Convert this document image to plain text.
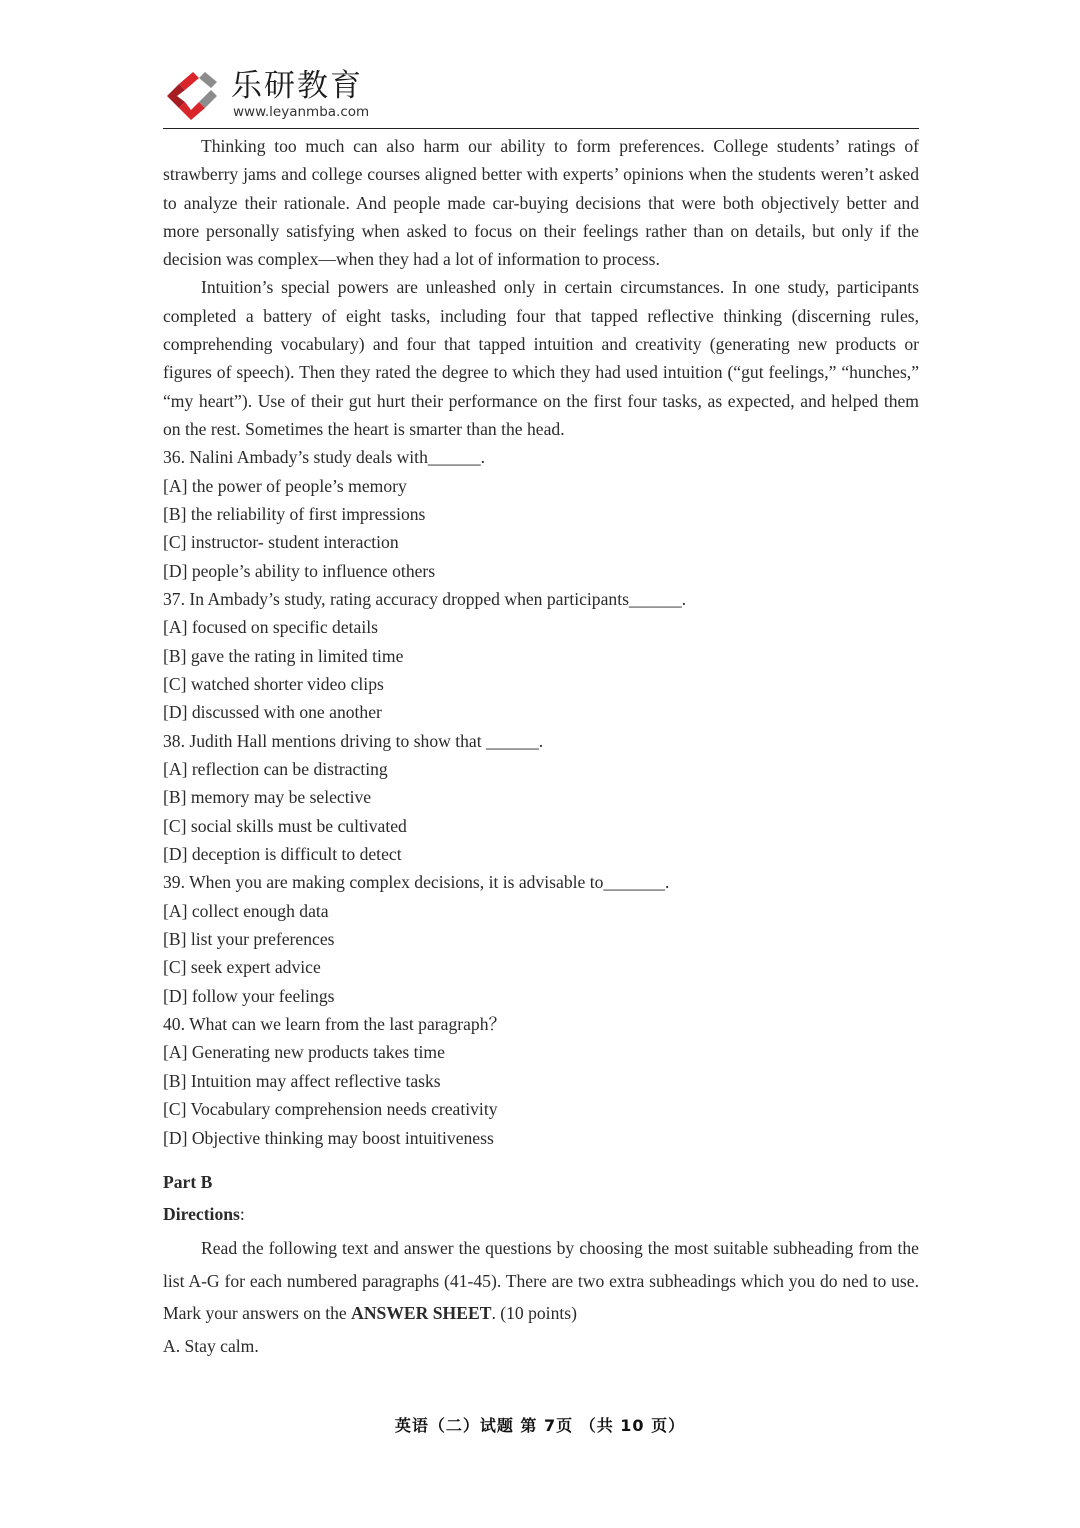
乐研教育
www.leyanmba.com

Thinking too much can also harm our ability to form preferences. College students’ ratings of strawberry jams and college courses aligned better with experts’ opinions when the students weren’t asked to analyze their rationale. And people made car-buying decisions that were both objectively better and more personally satisfying when asked to focus on their feelings rather than on details, but only if the decision was complex—when they had a lot of information to process.

Intuition’s special powers are unleashed only in certain circumstances. In one study, participants completed a battery of eight tasks, including four that tapped reflective thinking (discerning rules, comprehending vocabulary) and four that tapped intuition and creativity (generating new products or figures of speech). Then they rated the degree to which they had used intuition (“gut feelings,” “hunches,” “my heart”). Use of their gut hurt their performance on the first four tasks, as expected, and helped them on the rest. Sometimes the heart is smarter than the head.

36. Nalini Ambady’s study deals with______.

[A] the power of people’s memory

[B] the reliability of first impressions

[C] instructor- student interaction

[D] people’s ability to influence others

37. In Ambady’s study, rating accuracy dropped when participants______.

[A] focused on specific details

[B] gave the rating in limited time

[C] watched shorter video clips

[D] discussed with one another

38. Judith Hall mentions driving to show that ______.

[A] reflection can be distracting

[B] memory may be selective

[C] social skills must be cultivated

[D] deception is difficult to detect

39. When you are making complex decisions, it is advisable to_______.

[A] collect enough data

[B] list your preferences

[C] seek expert advice

[D] follow your feelings

40. What can we learn from the last paragraph？

[A] Generating new products takes time

[B] Intuition may affect reflective tasks

[C] Vocabulary comprehension needs creativity

[D] Objective thinking may boost intuitiveness

Part B

Directions:

Read the following text and answer the questions by choosing the most suitable subheading from the list A-G for each numbered paragraphs (41-45). There are two extra subheadings which you do ned to use. Mark your answers on the ANSWER SHEET. (10 points)

A. Stay calm.

英语（二）试题 第 7页 （共 10 页）
